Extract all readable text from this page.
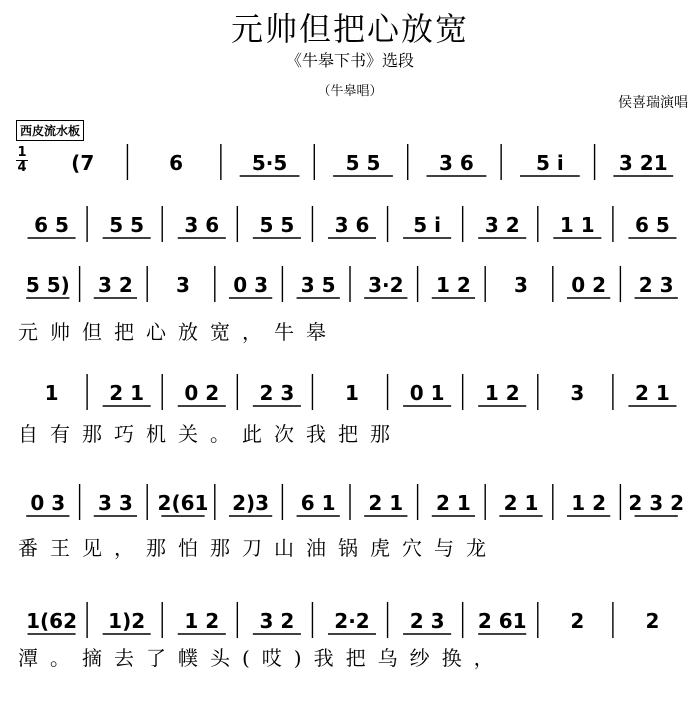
元帅但把心放宽
《牛皋下书》选段
（牛皋唱）
侯喜瑞演唱
西皮流水板
1
4 (7	6	5·5	5 5	3 6	5 i	3 21
6 5 5 5 3 6 5 5 3 6 5 i 3 2 1 1 6 5
5 5) 3 2 3 0 3 3 5 3·2 1 2 3 0 2 2 3
1	2 1 0 2 2 3	1	0 1 1 2	3	2 1
0 3 3 3 2(61 2)3 6 1 2 1 2 1 2 1 1 2 2 3 2
1(62 1)2 1 2 3 2 2·2 2 3 2 61 2	2
元帅但把心放宽，牛皋
自有那巧机关。此次我把那
番王见，那怕那刀山油锅虎穴与龙
潭。摘去了幞头(哎)我把乌纱换，
